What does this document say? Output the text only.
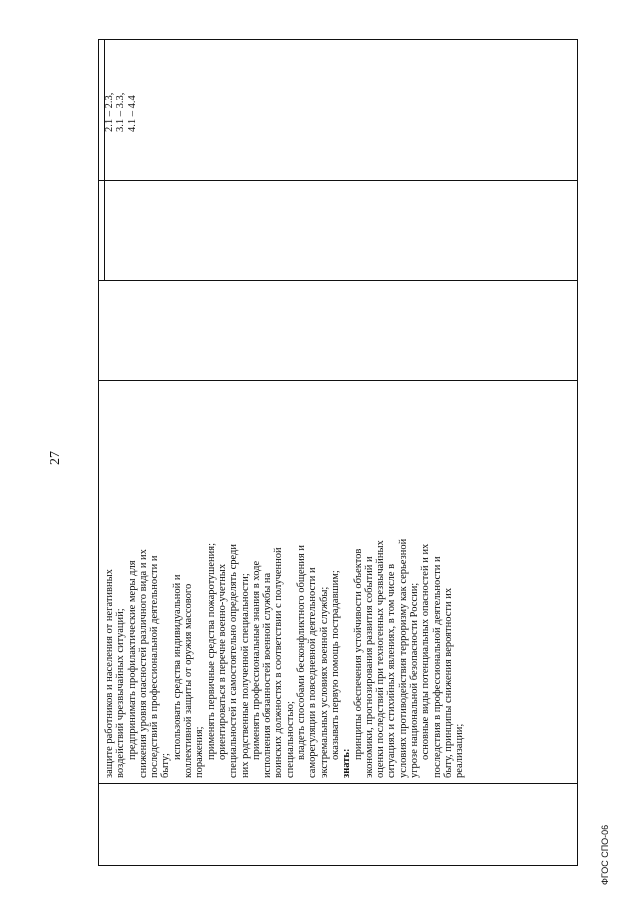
27

защите работников и населения от негативных воздействий чрезвычайных ситуаций; предпринимать профилактические меры для снижения уровня опасностей различного вида и их последствий в профессиональной деятельности и быту;

использовать средства индивидуальной и коллективной защиты от оружия массового поражения; применять первичные средства пожаротушения; ориентироваться в перечне военно-учетных специальностей и самостоятельно определять среди них родственные полученной специальности; применять профессиональные знания в ходе исполнения обязанностей военной службы на воинских должностях в соответствии с полученной специальностью; владеть способами бесконфликтного общения и саморегуляции в повседневной деятельности и экстремальных условиях военной службы; оказывать первую помощь пострадавшим;

знать:

принципы обеспечения устойчивости объектов экономики, прогнозирования развития событий и оценки последствий при техногенных чрезвычайных ситуациях и стихийных явлениях, в том числе в условиях противодействия терроризму как серьезной угрозе национальной безопасности России; основные виды потенциальных опасностей и их последствия в профессиональной деятельности и быту, принципы снижения вероятности их реализации;

2.1 – 2.3, 3.1 – 3.3, 4.1 – 4.4
ФГОС СПО-06
